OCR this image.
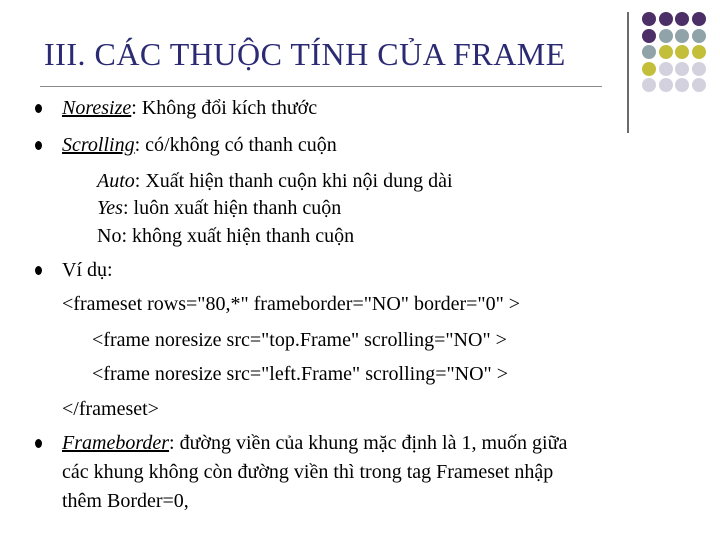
III. CÁC THUỘC TÍNH CỦA FRAME
Noresize: Không đổi kích thước
Scrolling: có/không có thanh cuộn
Auto: Xuất hiện thanh cuộn khi nội dung dài
Yes: luôn xuất hiện thanh cuộn
No: không xuất hiện thanh cuộn
Ví dụ:
<frameset rows="80,*" frameborder="NO" border="0" >
<frame noresize src="top.Frame" scrolling="NO" >
<frame noresize src="left.Frame" scrolling="NO" >
</frameset>
Frameborder: đường viền của khung mặc định là 1, muốn giữa
các khung không còn đường viền thì trong tag Frameset nhập
thêm Border=0,
